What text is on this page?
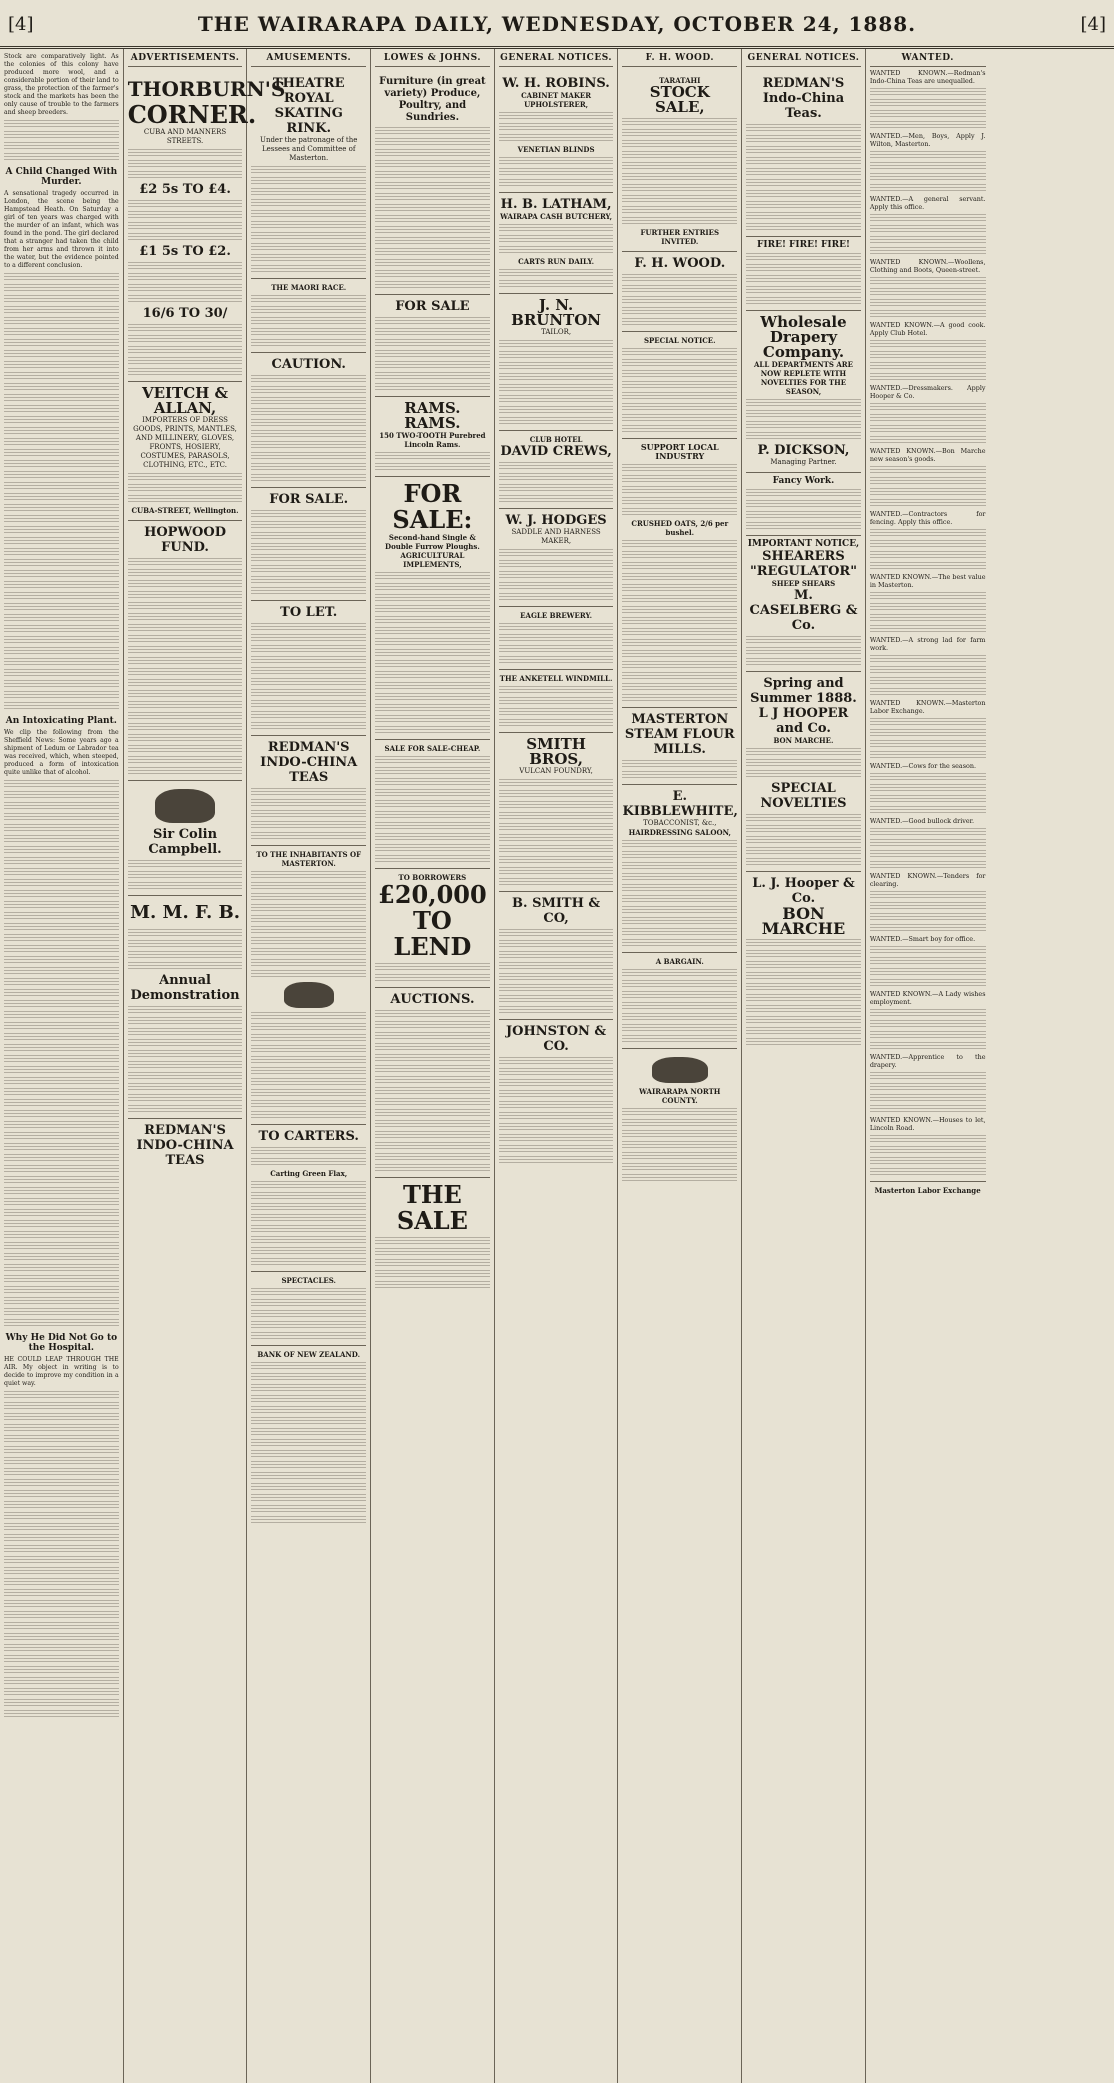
[4]	THE WAIRARAPA DAILY, WEDNESDAY, OCTOBER 24, 1888.	[4]

Stock are comparatively light. As the colonies of this colony have produced more wool, and a considerable portion of their land to grass, the protection of the farmer's stock and the markets has been the only cause of trouble to the farmers and sheep breeders.

A Child Changed With Murder.

A sensational tragedy occurred in London, the scene being the Hampstead Heath. On Saturday a girl of ten years was charged with the murder of an infant, which was found in the pond. The girl declared that a stranger had taken the child from her arms and thrown it into the water, but the evidence pointed to a different conclusion.

An Intoxicating Plant.

We clip the following from the Sheffield News: Some years ago a shipment of Ledum or Labrador tea was received, which, when steeped, produced a form of intoxication quite unlike that of alcohol.

Why He Did Not Go to the Hospital.

HE COULD LEAP THROUGH THE AIR. My object in writing is to decide to improve my condition in a quiet way.

ADVERTISEMENTS.
THORBURN'S
CORNER.
CUBA AND MANNERS STREETS.
£2 5s TO £4.
£1 5s TO £2.
16/6 TO 30/
VEITCH & ALLAN,
IMPORTERS OF DRESS GOODS, PRINTS, MANTLES, AND MILLINERY, GLOVES, FRONTS, HOSIERY, COSTUMES, PARASOLS, CLOTHING, ETC., ETC.
CUBA-STREET, Wellington.
HOPWOOD FUND.
Sir Colin Campbell.
M. M. F. B.
Annual Demonstration
REDMAN'S INDO-CHINA TEAS
AMUSEMENTS.
THEATRE ROYAL SKATING RINK.
Under the patronage of the Lessees and Committee of Masterton.
THE MAORI RACE.
CAUTION.
FOR SALE.
TO LET.
REDMAN'S INDO-CHINA TEAS
TO THE INHABITANTS OF MASTERTON.
TO CARTERS.
Carting Green Flax,
SPECTACLES.
BANK OF NEW ZEALAND.
LOWES & JOHNS.
Furniture (in great variety) Produce, Poultry, and Sundries.
FOR SALE
RAMS. RAMS.
150 TWO-TOOTH Purebred Lincoln Rams.
FOR SALE:
Second-hand Single & Double Furrow Ploughs.
AGRICULTURAL IMPLEMENTS,
SALE FOR SALE-CHEAP.
TO BORROWERS
£20,000 TO LEND
AUCTIONS.
THE SALE
GENERAL NOTICES.
W. H. ROBINS.
CABINET MAKER UPHOLSTERER,
VENETIAN BLINDS
H. B. LATHAM,
WAIRAPA CASH BUTCHERY,
CARTS RUN DAILY.
J. N. BRUNTON
TAILOR,
CLUB HOTEL
DAVID CREWS,
W. J. HODGES
SADDLE AND HARNESS MAKER,
EAGLE BREWERY.
THE ANKETELL WINDMILL.
SMITH BROS,
VULCAN FOUNDRY,
B. SMITH & CO,
JOHNSTON & CO.
F. H. WOOD.
TARATAHI
STOCK SALE,
FURTHER ENTRIES INVITED.
F. H. WOOD.
SPECIAL NOTICE.
SUPPORT LOCAL INDUSTRY
CRUSHED OATS, 2/6 per bushel.
MASTERTON STEAM FLOUR MILLS.
E. KIBBLEWHITE,
TOBACCONIST, &c.,
HAIRDRESSING SALOON,
A BARGAIN.
WAIRARAPA NORTH COUNTY.
GENERAL NOTICES.
REDMAN'S Indo-China Teas.
FIRE! FIRE! FIRE!
Wholesale Drapery Company.
ALL DEPARTMENTS ARE NOW REPLETE WITH NOVELTIES FOR THE SEASON,
P. DICKSON,
Managing Partner.
Fancy Work.
IMPORTANT NOTICE,
SHEARERS
"REGULATOR"
SHEEP SHEARS
M. CASELBERG & Co.
Spring and Summer 1888.
L J HOOPER and Co.
BON MARCHE.
SPECIAL NOVELTIES
L. J. Hooper & Co.
BON MARCHE
WANTED.

WANTED KNOWN.—Redman's Indo-China Teas are unequalled.

WANTED.—Men, Boys, Apply J. Wilton, Masterton.

WANTED.—A general servant. Apply this office.

WANTED KNOWN.—Woollens, Clothing and Boots, Queen-street.

WANTED KNOWN.—A good cook. Apply Club Hotel.

WANTED.—Dressmakers. Apply Hooper & Co.

WANTED KNOWN.—Bon Marche new season's goods.

WANTED.—Contractors for fencing. Apply this office.

WANTED KNOWN.—The best value in Masterton.

WANTED.—A strong lad for farm work.

WANTED KNOWN.—Masterton Labor Exchange.

WANTED.—Cows for the season.

WANTED.—Good bullock driver.

WANTED KNOWN.—Tenders for clearing.

WANTED.—Smart boy for office.

WANTED KNOWN.—A Lady wishes employment.

WANTED.—Apprentice to the drapery.

WANTED KNOWN.—Houses to let, Lincoln Road.

Masterton Labor Exchange
